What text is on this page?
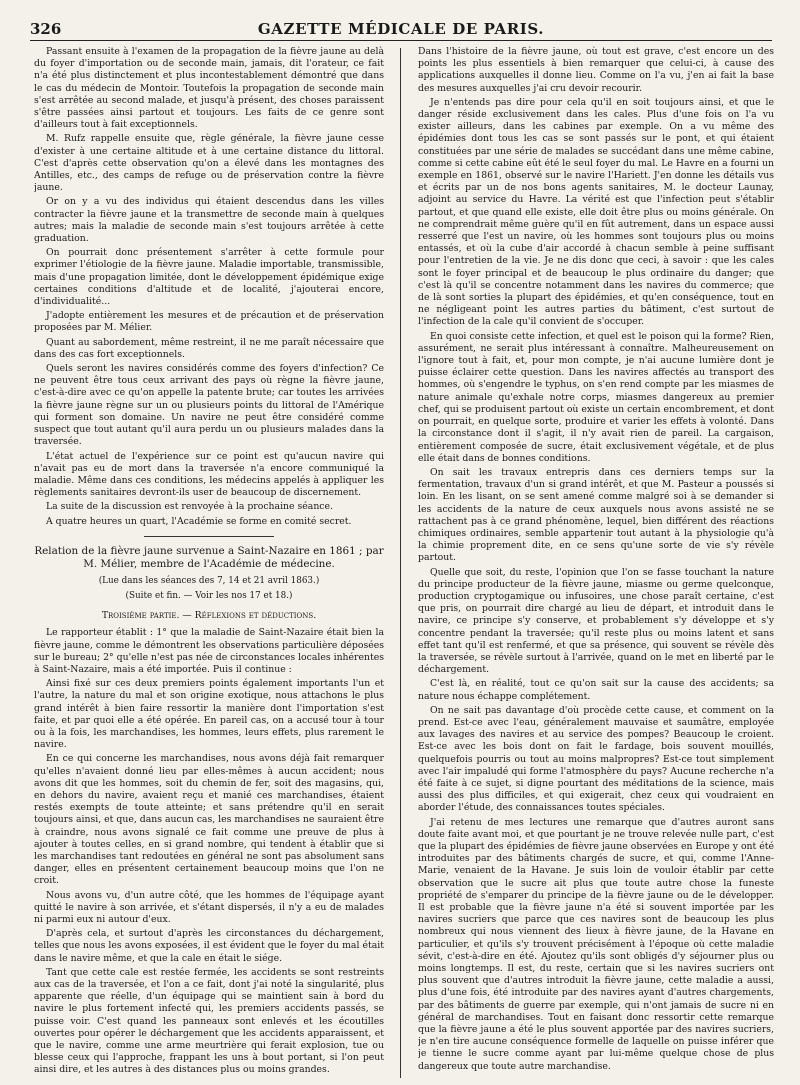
326	GAZETTE MÉDICALE DE PARIS.

Passant ensuite à l'examen de la propagation de la fièvre jaune au delà du foyer d'importation ou de seconde main, jamais, dit l'orateur, ce fait n'a été plus distinctement et plus incontestablement démontré que dans le cas du médecin de Montoir. Toutefois la propagation de seconde main s'est arrêtée au second malade, et jusqu'à présent, des choses paraissent s'être passées ainsi partout et toujours. Les faits de ce genre sont d'ailleurs tout à fait exceptionnels.

M. Rufz rappelle ensuite que, règle générale, la fièvre jaune cesse d'exister à une certaine altitude et à une certaine distance du littoral. C'est d'après cette observation qu'on a élevé dans les montagnes des Antilles, etc., des camps de refuge ou de préservation contre la fièvre jaune.

Or on y a vu des individus qui étaient descendus dans les villes contracter la fièvre jaune et la transmettre de seconde main à quelques autres; mais la maladie de seconde main s'est toujours arrêtée à cette graduation.

On pourrait donc présentement s'arrêter à cette formule pour exprimer l'étiologie de la fièvre jaune. Maladie importable, transmissible, mais d'une propagation limitée, dont le développement épidémique exige certaines conditions d'altitude et de localité, j'ajouterai encore, d'individualité...

J'adopte entièrement les mesures et de précaution et de préservation proposées par M. Mélier.

Quant au sabordement, même restreint, il ne me paraît nécessaire que dans des cas fort exceptionnels.

Quels seront les navires considérés comme des foyers d'infection? Ce ne peuvent être tous ceux arrivant des pays où règne la fièvre jaune, c'est-à-dire avec ce qu'on appelle la patente brute; car toutes les arrivées la fièvre jaune règne sur un ou plusieurs points du littoral de l'Amérique qui forment son domaine. Un navire ne peut être considéré comme suspect que tout autant qu'il aura perdu un ou plusieurs malades dans la traversée.

L'état actuel de l'expérience sur ce point est qu'aucun navire qui n'avait pas eu de mort dans la traversée n'a encore communiqué la maladie. Même dans ces conditions, les médecins appelés à appliquer les règlements sanitaires devront-ils user de beaucoup de discernement.

La suite de la discussion est renvoyée à la prochaine séance.

A quatre heures un quart, l'Académie se forme en comité secret.

Relation de la fièvre jaune survenue a Saint-Nazaire en 1861 ; par M. Mélier, membre de l'Académie de médecine.

(Lue dans les séances des 7, 14 et 21 avril 1863.)

(Suite et fin. — Voir les nos 17 et 18.)

Troisième partie. — Réflexions et déductions.

Le rapporteur établit : 1° que la maladie de Saint-Nazaire était bien la fièvre jaune, comme le démontrent les observations particulière déposées sur le bureau; 2° qu'elle n'est pas née de circonstances locales inhérentes à Saint-Nazaire, mais a été importée. Puis il continue :

Ainsi fixé sur ces deux premiers points également importants l'un et l'autre, la nature du mal et son origine exotique, nous attachons le plus grand intérêt à bien faire ressortir la manière dont l'importation s'est faite, et par quoi elle a été opérée. En pareil cas, on a accusé tour à tour ou à la fois, les marchandises, les hommes, leurs effets, plus rarement le navire.

En ce qui concerne les marchandises, nous avons déjà fait remarquer qu'elles n'avaient donné lieu par elles-mêmes à aucun accident; nous avons dit que les hommes, soit du chemin de fer, soit des magasins, qui, en dehors du navire, avaient reçu et manié ces marchandises, étaient restés exempts de toute atteinte; et sans prétendre qu'il en serait toujours ainsi, et que, dans aucun cas, les marchandises ne sauraient être à craindre, nous avons signalé ce fait comme une preuve de plus à ajouter à toutes celles, en si grand nombre, qui tendent à établir que si les marchandises tant redoutées en général ne sont pas absolument sans danger, elles en présentent certainement beaucoup moins que l'on ne croit.

Nous avons vu, d'un autre côté, que les hommes de l'équipage ayant quitté le navire à son arrivée, et s'étant dispersés, il n'y a eu de malades ni parmi eux ni autour d'eux.

D'après cela, et surtout d'après les circonstances du déchargement, telles que nous les avons exposées, il est évident que le foyer du mal était dans le navire même, et que la cale en était le siége.

Tant que cette cale est restée fermée, les accidents se sont restreints aux cas de la traversée, et l'on a ce fait, dont j'ai noté la singularité, plus apparente que réelle, d'un équipage qui se maintient sain à bord du navire le plus fortement infecté qui, les premiers accidents passés, se puisse voir. C'est quand les panneaux sont enlevés et les écoutilles ouvertes pour opérer le déchargement que les accidents apparaissent, et que le navire, comme une arme meurtrière qui ferait explosion, tue ou blesse ceux qui l'approche, frappant les uns à bout portant, si l'on peut ainsi dire, et les autres à des distances plus ou moins grandes.

Dans l'histoire de la fièvre jaune, où tout est grave, c'est encore un des points les plus essentiels à bien remarquer que celui-ci, à cause des applications auxquelles il donne lieu. Comme on l'a vu, j'en ai fait la base des mesures auxquelles j'ai cru devoir recourir.

Je n'entends pas dire pour cela qu'il en soit toujours ainsi, et que le danger réside exclusivement dans les cales. Plus d'une fois on l'a vu exister ailleurs, dans les cabines par exemple. On a vu même des épidémies dont tous les cas se sont passés sur le pont, et qui étaient constituées par une série de malades se succédant dans une même cabine, comme si cette cabine eût été le seul foyer du mal. Le Havre en a fourni un exemple en 1861, observé sur le navire l'Hariett. J'en donne les détails vus et écrits par un de nos bons agents sanitaires, M. le docteur Launay, adjoint au service du Havre. La vérité est que l'infection peut s'établir partout, et que quand elle existe, elle doit être plus ou moins générale. On ne comprendrait même guère qu'il en fût autrement, dans un espace aussi resserré que l'est un navire, où les hommes sont toujours plus ou moins entassés, et où la cube d'air accordé à chacun semble à peine suffisant pour l'entretien de la vie. Je ne dis donc que ceci, à savoir : que les cales sont le foyer principal et de beaucoup le plus ordinaire du danger; que c'est là qu'il se concentre notamment dans les navires du commerce; que de là sont sorties la plupart des épidémies, et qu'en conséquence, tout en ne négligeant point les autres parties du bâtiment, c'est surtout de l'infection de la cale qu'il convient de s'occuper.

En quoi consiste cette infection, et quel est le poison qui la forme? Rien, assurément, ne serait plus intéressant à connaître. Malheureusement on l'ignore tout à fait, et, pour mon compte, je n'ai aucune lumière dont je puisse éclairer cette question. Dans les navires affectés au transport des hommes, où s'engendre le typhus, on s'en rend compte par les miasmes de nature animale qu'exhale notre corps, miasmes dangereux au premier chef, qui se produisent partout où existe un certain encombrement, et dont on pourrait, en quelque sorte, produire et varier les effets à volonté. Dans la circonstance dont il s'agit, il n'y avait rien de pareil. La cargaison, entièrement composée de sucre, était exclusivement végétale, et de plus elle était dans de bonnes conditions.

On sait les travaux entrepris dans ces derniers temps sur la fermentation, travaux d'un si grand intérêt, et que M. Pasteur a poussés si loin. En les lisant, on se sent amené comme malgré soi à se demander si les accidents de la nature de ceux auxquels nous avons assisté ne se rattachent pas à ce grand phénomène, lequel, bien différent des réactions chimiques ordinaires, semble appartenir tout autant à la physiologie qu'à la chimie proprement dite, en ce sens qu'une sorte de vie s'y révèle partout.

Quelle que soit, du reste, l'opinion que l'on se fasse touchant la nature du principe producteur de la fièvre jaune, miasme ou germe quelconque, production cryptogamique ou infusoires, une chose paraît certaine, c'est que pris, on pourrait dire chargé au lieu de départ, et introduit dans le navire, ce principe s'y conserve, et probablement s'y développe et s'y concentre pendant la traversée; qu'il reste plus ou moins latent et sans effet tant qu'il est renfermé, et que sa présence, qui souvent se révèle dès la traversée, se révèle surtout à l'arrivée, quand on le met en liberté par le déchargement.

C'est là, en réalité, tout ce qu'on sait sur la cause des accidents; sa nature nous échappe complétement.

On ne sait pas davantage d'où procède cette cause, et comment on la prend. Est-ce avec l'eau, généralement mauvaise et saumâtre, employée aux lavages des navires et au service des pompes? Beaucoup le croient. Est-ce avec les bois dont on fait le fardage, bois souvent mouillés, quelquefois pourris ou tout au moins malpropres? Est-ce tout simplement avec l'air impaludé qui forme l'atmosphère du pays? Aucune recherche n'a été faite à ce sujet, si digne pourtant des méditations de la science, mais aussi des plus difficiles, et qui exigerait, chez ceux qui voudraient en aborder l'étude, des connaissances toutes spéciales.

J'ai retenu de mes lectures une remarque que d'autres auront sans doute faite avant moi, et que pourtant je ne trouve relevée nulle part, c'est que la plupart des épidémies de fièvre jaune observées en Europe y ont été introduites par des bâtiments chargés de sucre, et qui, comme l'Anne-Marie, venaient de la Havane. Je suis loin de vouloir établir par cette observation que le sucre ait plus que toute autre chose la funeste propriété de s'emparer du principe de la fièvre jaune ou de le développer. Il est probable que la fièvre jaune n'a été si souvent importée par les navires sucriers que parce que ces navires sont de beaucoup les plus nombreux qui nous viennent des lieux à fièvre jaune, de la Havane en particulier, et qu'ils s'y trouvent précisément à l'époque où cette maladie sévit, c'est-à-dire en été. Ajoutez qu'ils sont obligés d'y séjourner plus ou moins longtemps. Il est, du reste, certain que si les navires sucriers ont plus souvent que d'autres introduit la fièvre jaune, cette maladie a aussi, plus d'une fois, été introduite par des navires ayant d'autres chargements, par des bâtiments de guerre par exemple, qui n'ont jamais de sucre ni en général de marchandises. Tout en faisant donc ressortir cette remarque que la fièvre jaune a été le plus souvent apportée par des navires sucriers, je n'en tire aucune conséquence formelle de laquelle on puisse inférer que je tienne le sucre comme ayant par lui-même quelque chose de plus dangereux que toute autre marchandise.
